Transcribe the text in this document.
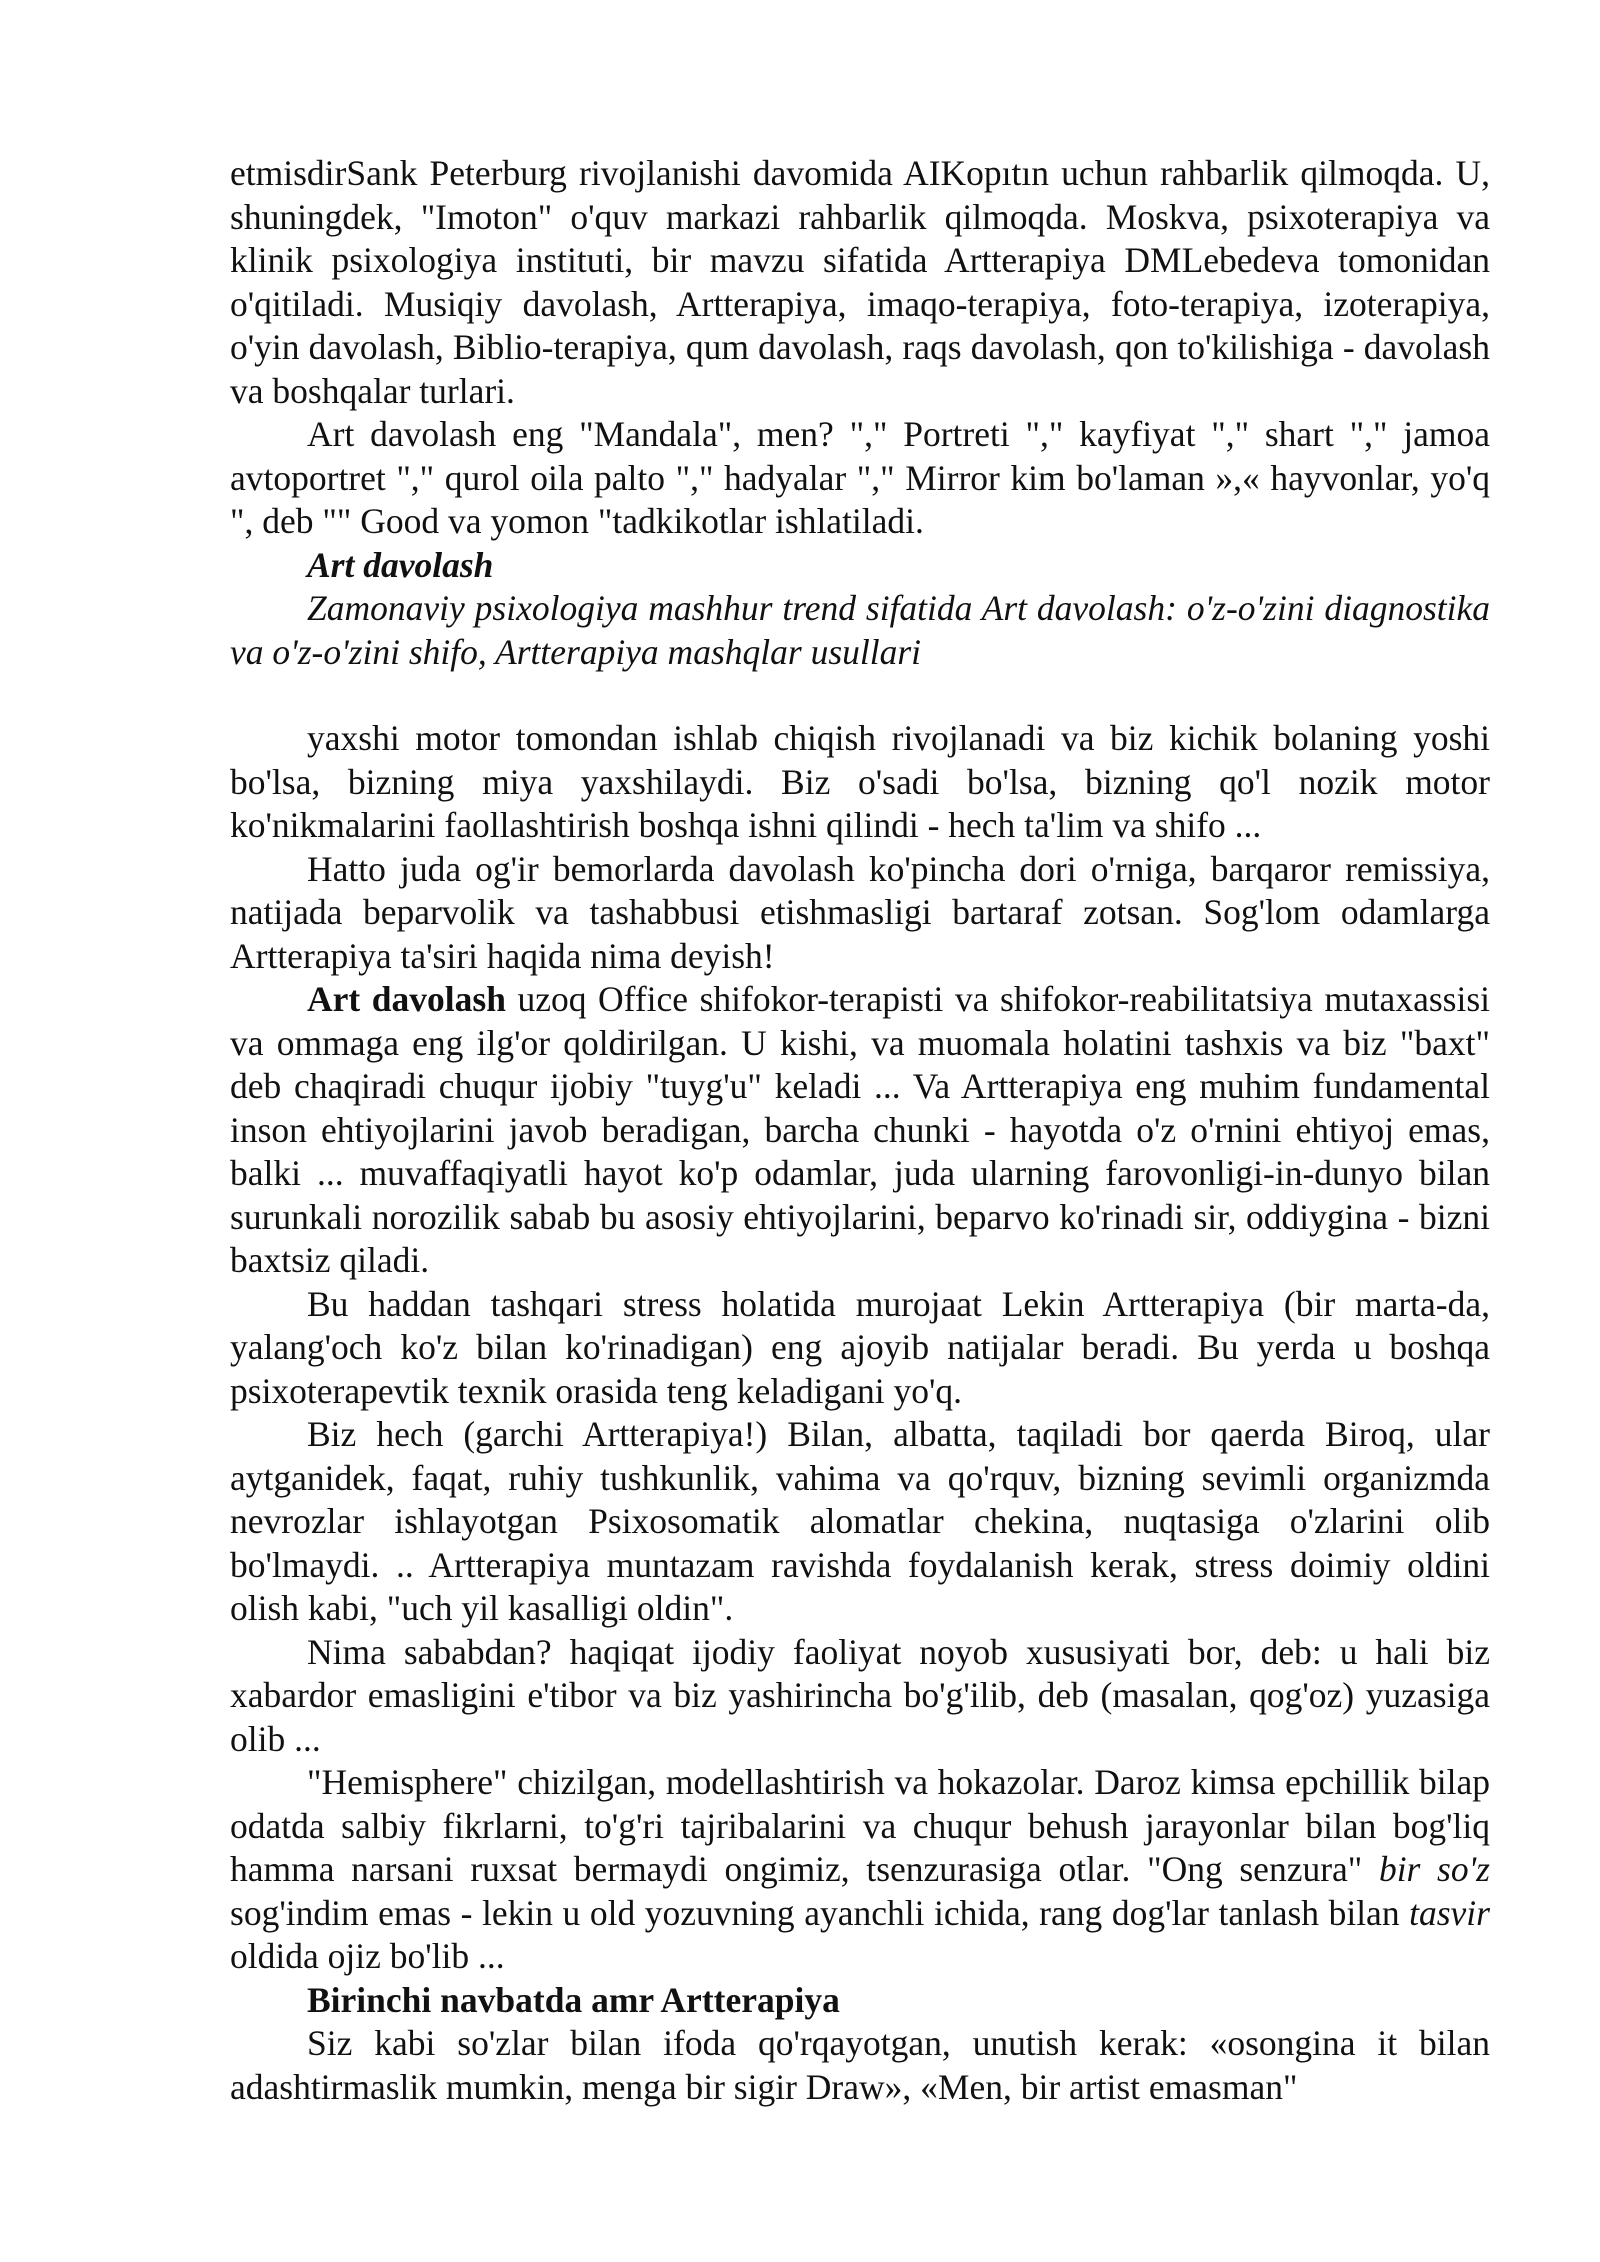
etmisdirSank Peterburg rivojlanishi davomida AIKopıtın uchun rahbarlik qilmoqda. U, shuningdek, "Imoton" o'quv markazi rahbarlik qilmoqda. Moskva, psixoterapiya va klinik psixologiya instituti, bir mavzu sifatida Artterapiya DMLebedeva tomonidan o'qitiladi. Musiqiy davolash, Artterapiya, imaqo-terapiya, foto-terapiya, izoterapiya, o'yin davolash, Biblio-terapiya, qum davolash, raqs davolash, qon to'kilishiga - davolash va boshqalar turlari.

Art davolash eng "Mandala", men? "," Portreti "," kayfiyat "," shart "," jamoa avtoportret "," qurol oila palto "," hadyalar "," Mirror kim bo'laman »,« hayvonlar, yo'q ", deb "" Good va yomon "tadkikotlar ishlatiladi.

Art davolash

Zamonaviy psixologiya mashhur trend sifatida Art davolash: o'z-o'zini diagnostika va o'z-o'zini shifo, Artterapiya mashqlar usullari

yaxshi motor tomondan ishlab chiqish rivojlanadi va biz kichik bolaning yoshi bo'lsa, bizning miya yaxshilaydi. Biz o'sadi bo'lsa, bizning qo'l nozik motor ko'nikmalarini faollashtirish boshqa ishni qilindi - hech ta'lim va shifo ...

Hatto juda og'ir bemorlarda davolash ko'pincha dori o'rniga, barqaror remissiya, natijada beparvolik va tashabbusi etishmasligi bartaraf zotsan. Sog'lom odamlarga Artterapiya ta'siri haqida nima deyish!

Art davolash uzoq Office shifokor-terapisti va shifokor-reabilitatsiya mutaxassisi va ommaga eng ilg'or qoldirilgan. U kishi, va muomala holatini tashxis va biz "baxt" deb chaqiradi chuqur ijobiy "tuyg'u" keladi ... Va Artterapiya eng muhim fundamental inson ehtiyojlarini javob beradigan, barcha chunki - hayotda o'z o'rnini ehtiyoj emas, balki ... muvaffaqiyatli hayot ko'p odamlar, juda ularning farovonligi-in-dunyo bilan surunkali norozilik sabab bu asosiy ehtiyojlarini, beparvo ko'rinadi sir, oddiygina - bizni baxtsiz qiladi.

Bu haddan tashqari stress holatida murojaat Lekin Artterapiya (bir marta-da, yalang'och ko'z bilan ko'rinadigan) eng ajoyib natijalar beradi. Bu yerda u boshqa psixoterapevtik texnik orasida teng keladigani yo'q.

Biz hech (garchi Artterapiya!) Bilan, albatta, taqiladi bor qaerda Biroq, ular aytganidek, faqat, ruhiy tushkunlik, vahima va qo'rquv, bizning sevimli organizmda nevrozlar ishlayotgan Psixosomatik alomatlar chekina, nuqtasiga o'zlarini olib bo'lmaydi. .. Artterapiya muntazam ravishda foydalanish kerak, stress doimiy oldini olish kabi, "uch yil kasalligi oldin".

Nima sababdan? haqiqat ijodiy faoliyat noyob xususiyati bor, deb: u hali biz xabardor emasligini e'tibor va biz yashirincha bo'g'ilib, deb (masalan, qog'oz) yuzasiga olib ...

"Hemisphere" chizilgan, modellashtirish va hokazolar. Daroz kimsa epchillik bilap odatda salbiy fikrlarni, to'g'ri tajribalarini va chuqur behush jarayonlar bilan bog'liq hamma narsani ruxsat bermaydi ongimiz, tsenzurasiga otlar. "Ong senzura" bir so'z sog'indim emas - lekin u old yozuvning ayanchli ichida, rang dog'lar tanlash bilan tasvir oldida ojiz bo'lib ...

Birinchi navbatda amr Artterapiya

Siz kabi so'zlar bilan ifoda qo'rqayotgan, unutish kerak: «osongina it bilan adashtirmaslik mumkin, menga bir sigir Draw», «Men, bir artist emasman"
